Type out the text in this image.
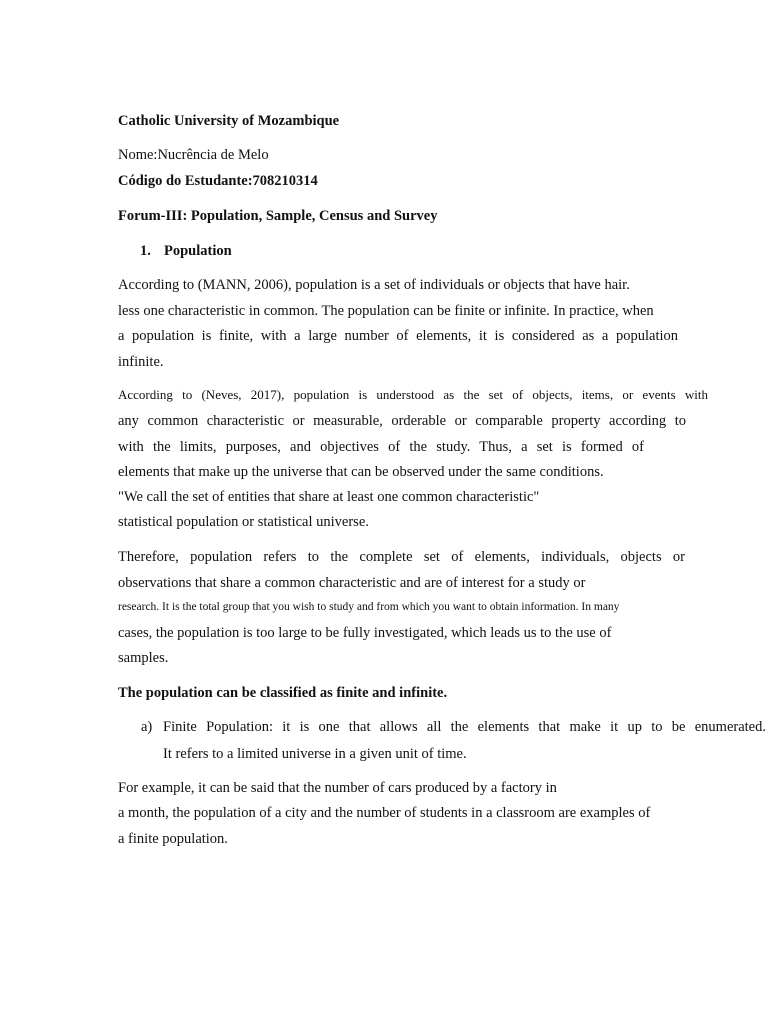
Catholic University of Mozambique
Nome:Nucrência de Melo
Código do Estudante:708210314
Forum-III: Population, Sample, Census and Survey
1. Population
According to (MANN, 2006), population is a set of individuals or objects that have hair.
less one characteristic in common. The population can be finite or infinite. In practice, when
a population is finite, with a large number of elements, it is considered as a population
infinite.
According to (Neves, 2017), population is understood as the set of objects, items, or events with
any common characteristic or measurable, orderable or comparable property according to
with the limits, purposes, and objectives of the study. Thus, a set is formed of
elements that make up the universe that can be observed under the same conditions.
"We call the set of entities that share at least one common characteristic"
statistical population or statistical universe.
Therefore, population refers to the complete set of elements, individuals, objects or
observations that share a common characteristic and are of interest for a study or
research. It is the total group that you wish to study and from which you want to obtain information. In many
cases, the population is too large to be fully investigated, which leads us to the use of
samples.
The population can be classified as finite and infinite.
a) Finite Population: it is one that allows all the elements that make it up to be enumerated.
It refers to a limited universe in a given unit of time.
For example, it can be said that the number of cars produced by a factory in
a month, the population of a city and the number of students in a classroom are examples of
a finite population.
